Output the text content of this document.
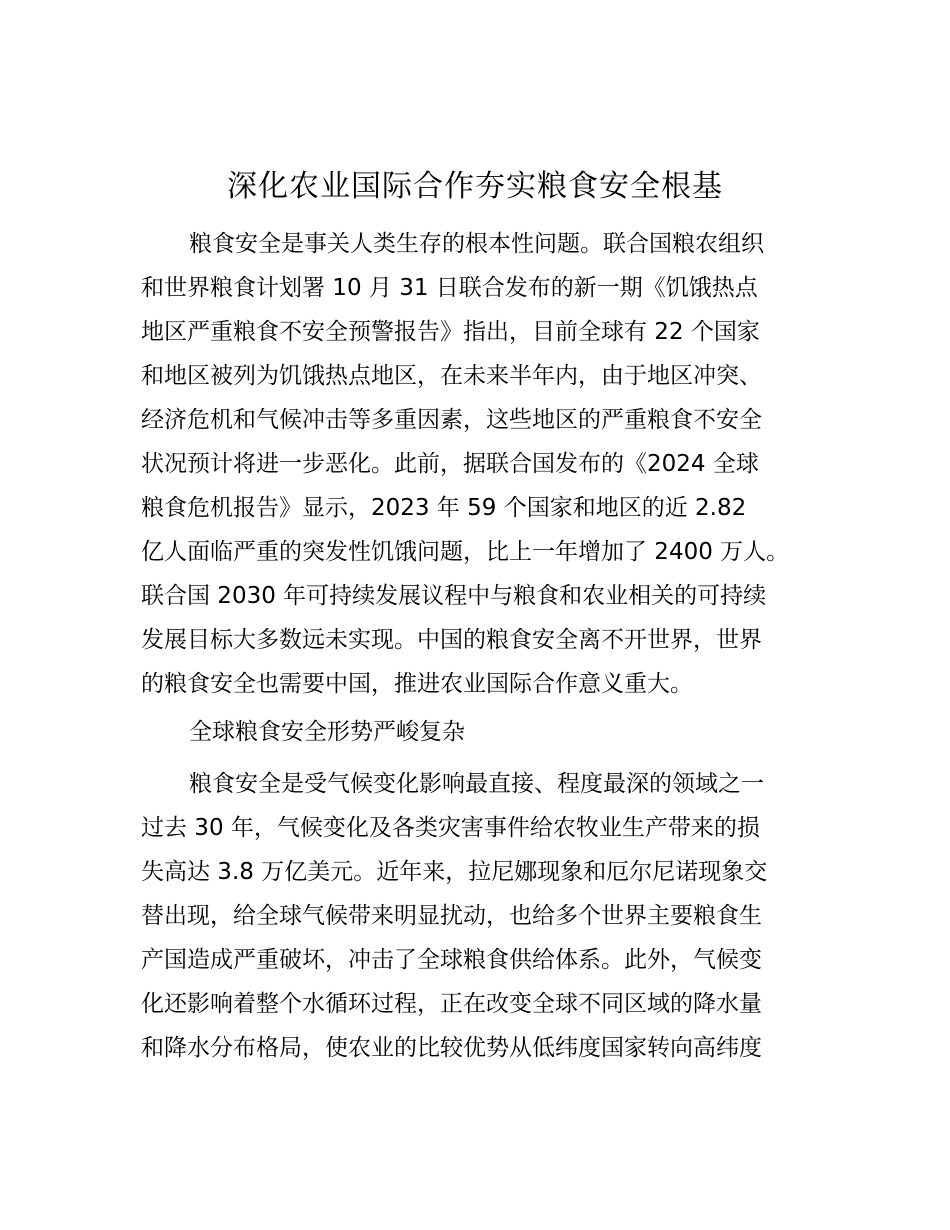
深化农业国际合作夯实粮食安全根基

粮食安全是事关人类生存的根本性问题。联合国粮农组织

和世界粮食计划署 10 月 31 日联合发布的新一期《饥饿热点

地区严重粮食不安全预警报告》指出，目前全球有 22 个国家

和地区被列为饥饿热点地区，在未来半年内，由于地区冲突、

经济危机和气候冲击等多重因素，这些地区的严重粮食不安全

状况预计将进一步恶化。此前，据联合国发布的《2024 全球

粮食危机报告》显示，2023 年 59 个国家和地区的近 2.82

亿人面临严重的突发性饥饿问题，比上一年增加了 2400 万人。

联合国 2030 年可持续发展议程中与粮食和农业相关的可持续

发展目标大多数远未实现。中国的粮食安全离不开世界，世界

的粮食安全也需要中国，推进农业国际合作意义重大。

全球粮食安全形势严峻复杂

粮食安全是受气候变化影响最直接、程度最深的领域之一

过去 30 年，气候变化及各类灾害事件给农牧业生产带来的损

失高达 3.8 万亿美元。近年来，拉尼娜现象和厄尔尼诺现象交

替出现，给全球气候带来明显扰动，也给多个世界主要粮食生

产国造成严重破坏，冲击了全球粮食供给体系。此外，气候变

化还影响着整个水循环过程，正在改变全球不同区域的降水量

和降水分布格局，使农业的比较优势从低纬度国家转向高纬度
